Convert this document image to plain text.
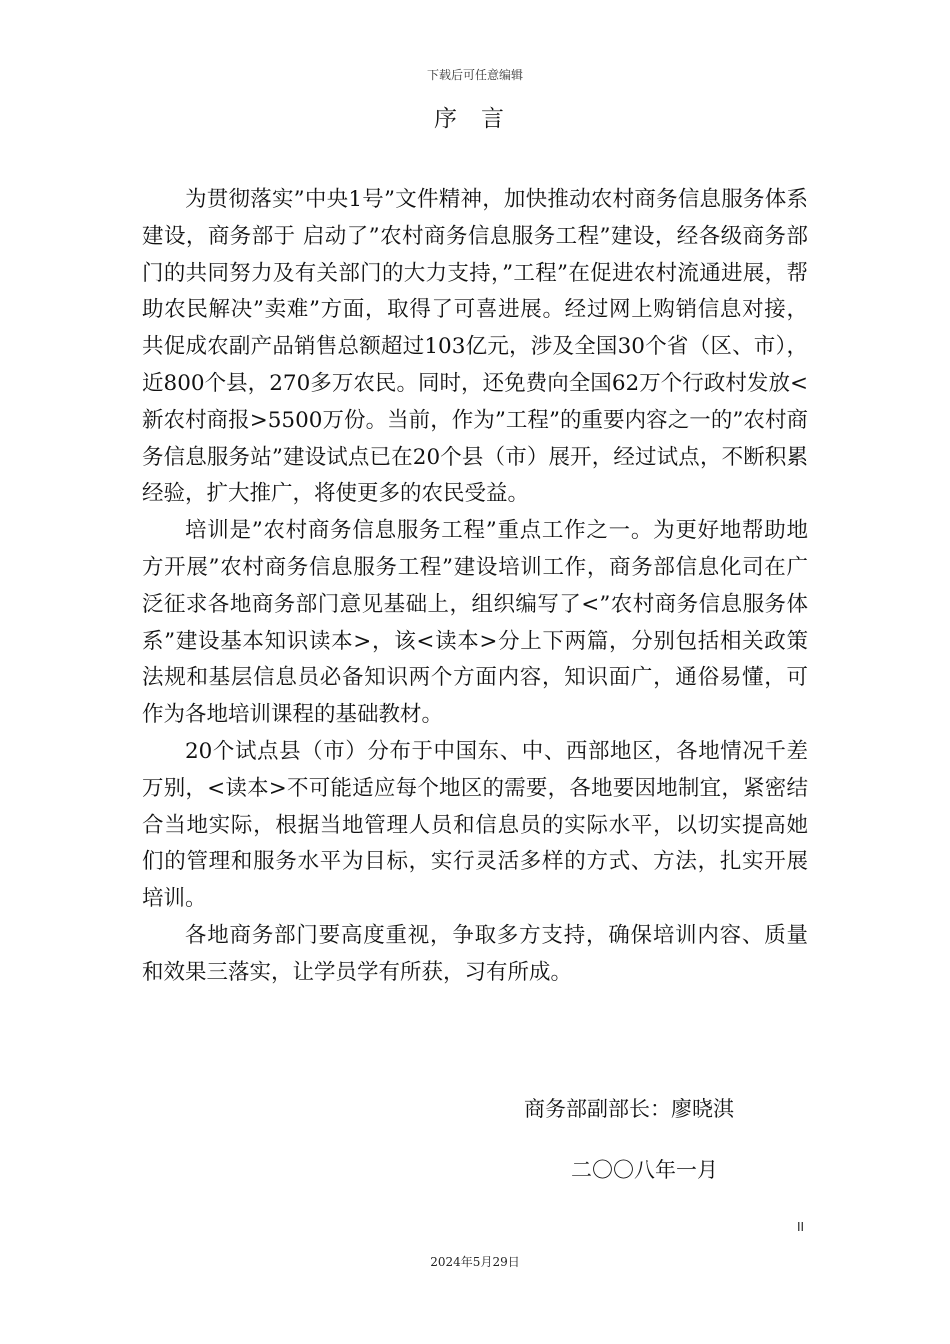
下载后可任意编辑
序言

为贯彻落实”中央1号”文件精神，加快推动农村商务信息服务体系建设，商务部于 启动了”农村商务信息服务工程”建设，经各级商务部门的共同努力及有关部门的大力支持，”工程”在促进农村流通进展，帮助农民解决”卖难”方面，取得了可喜进展。经过网上购销信息对接，共促成农副产品销售总额超过103亿元，涉及全国30个省（区、市），近800个县，270多万农民。同时，还免费向全国62万个行政村发放<新农村商报>5500万份。当前，作为”工程”的重要内容之一的”农村商务信息服务站”建设试点已在20个县（市）展开，经过试点，不断积累经验，扩大推广，将使更多的农民受益。

培训是”农村商务信息服务工程”重点工作之一。为更好地帮助地方开展”农村商务信息服务工程”建设培训工作，商务部信息化司在广泛征求各地商务部门意见基础上，组织编写了<”农村商务信息服务体系”建设基本知识读本>，该<读本>分上下两篇，分别包括相关政策法规和基层信息员必备知识两个方面内容，知识面广，通俗易懂，可作为各地培训课程的基础教材。

20个试点县（市）分布于中国东、中、西部地区，各地情况千差万别，<读本>不可能适应每个地区的需要，各地要因地制宜，紧密结合当地实际，根据当地管理人员和信息员的实际水平，以切实提高她们的管理和服务水平为目标，实行灵活多样的方式、方法，扎实开展培训。

各地商务部门要高度重视，争取多方支持，确保培训内容、质量和效果三落实，让学员学有所获，习有所成。

商务部副部长：廖晓淇
二〇〇八年一月
II
2024年5月29日
